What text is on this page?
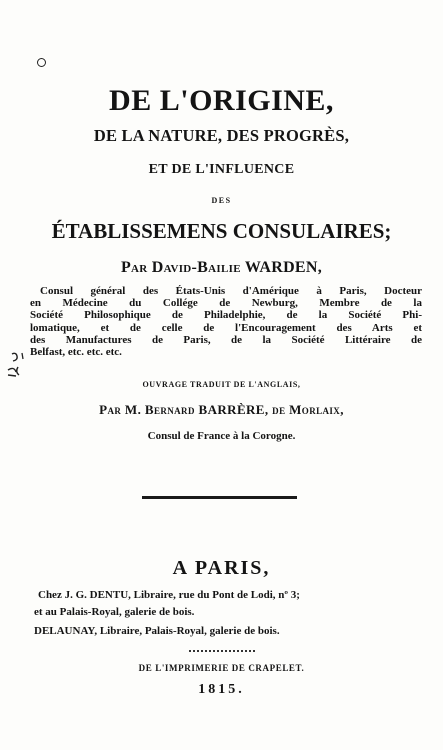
DE L'ORIGINE,
DE LA NATURE, DES PROGRÈS,
ET DE L'INFLUENCE
DES
ÉTABLISSEMENS CONSULAIRES;
Par David-Bailie WARDEN,
Consul général des États-Unis d'Amérique à Paris, Docteur
en Médecine du Collége de Newburg, Membre de la
Société Philosophique de Philadelphie, de la Société Phi-
lomatique, et de celle de l'Encouragement des Arts et
des Manufactures de Paris, de la Société Littéraire de
Belfast, etc. etc. etc.
OUVRAGE TRADUIT DE L'ANGLAIS,
Par M. Bernard BARRÈRE, de Morlaix,
Consul de France à la Corogne.
A PARIS,
Chez J. G. DENTU, Libraire, rue du Pont de Lodi, nº 3;
et au Palais-Royal, galerie de bois.
DELAUNAY, Libraire, Palais-Royal, galerie de bois.
DE L'IMPRIMERIE DE CRAPELET.
1815.
